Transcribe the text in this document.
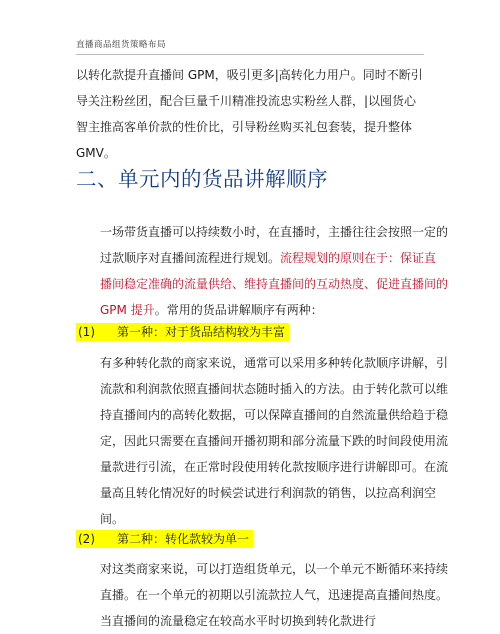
直播商品组货策略布局

以转化款提升直播间 GPM，吸引更多|高转化力用户。同时不断引导关注粉丝团，配合巨量千川精准投流忠实粉丝人群，|以囤货心智主推高客单价款的性价比，引导粉丝购买礼包套装，提升整体 GMV。

二、单元内的货品讲解顺序

一场带货直播可以持续数小时，在直播时，主播往往会按照一定的过款顺序对直播间流程进行规划。流程规划的原则在于：保证直播间稳定准确的流量供给、维持直播间的互动热度、促进直播间的 GPM 提升。常用的货品讲解顺序有两种：

(1) 第一种：对于货品结构较为丰富

有多种转化款的商家来说，通常可以采用多种转化款顺序讲解，引流款和利润款依照直播间状态随时插入的方法。由于转化款可以维持直播间内的高转化数据，可以保障直播间的自然流量供给趋于稳定，因此只需要在直播间开播初期和部分流量下跌的时间段使用流量款进行引流，在正常时段使用转化款按顺序进行讲解即可。在流量高且转化情况好的时候尝试进行利润款的销售，以拉高利润空间。

(2) 第二种：转化款较为单一

对这类商家来说，可以打造组货单元，以一个单元不断循环来持续直播。在一个单元的初期以引流款拉人气，迅速提高直播间热度。当直播间的流量稳定在较高水平时切换到转化款进行
